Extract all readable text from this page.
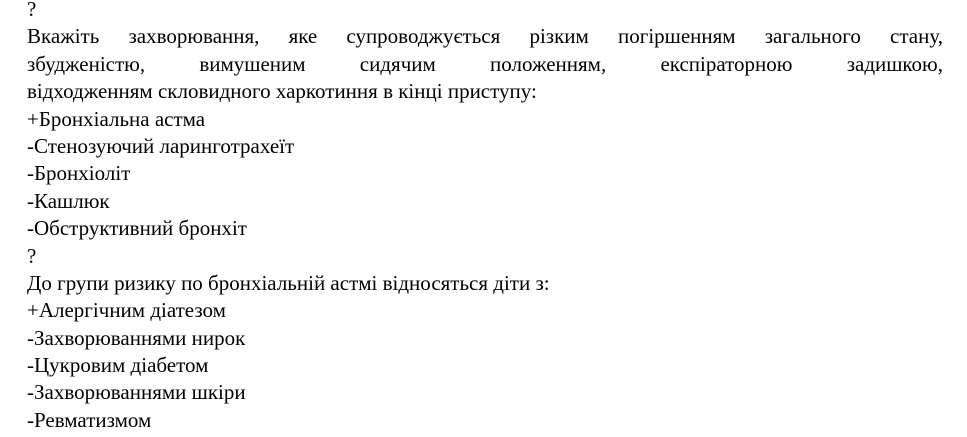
?
Вкажіть захворювання, яке супроводжується різким погіршенням загального стану,
збудженістю, вимушеним сидячим положенням, експіраторною задишкою,
відходженням скловидного харкотиння в кінці приступу:
+Бронхіальна астма
-Стенозуючий ларинготрахеїт
-Бронхіоліт
-Кашлюк
-Обструктивний бронхіт
?
До групи ризику по бронхіальній астмі відносяться діти з:
+Алергічним діатезом
-Захворюваннями нирок
-Цукровим діабетом
-Захворюваннями шкіри
-Ревматизмом
